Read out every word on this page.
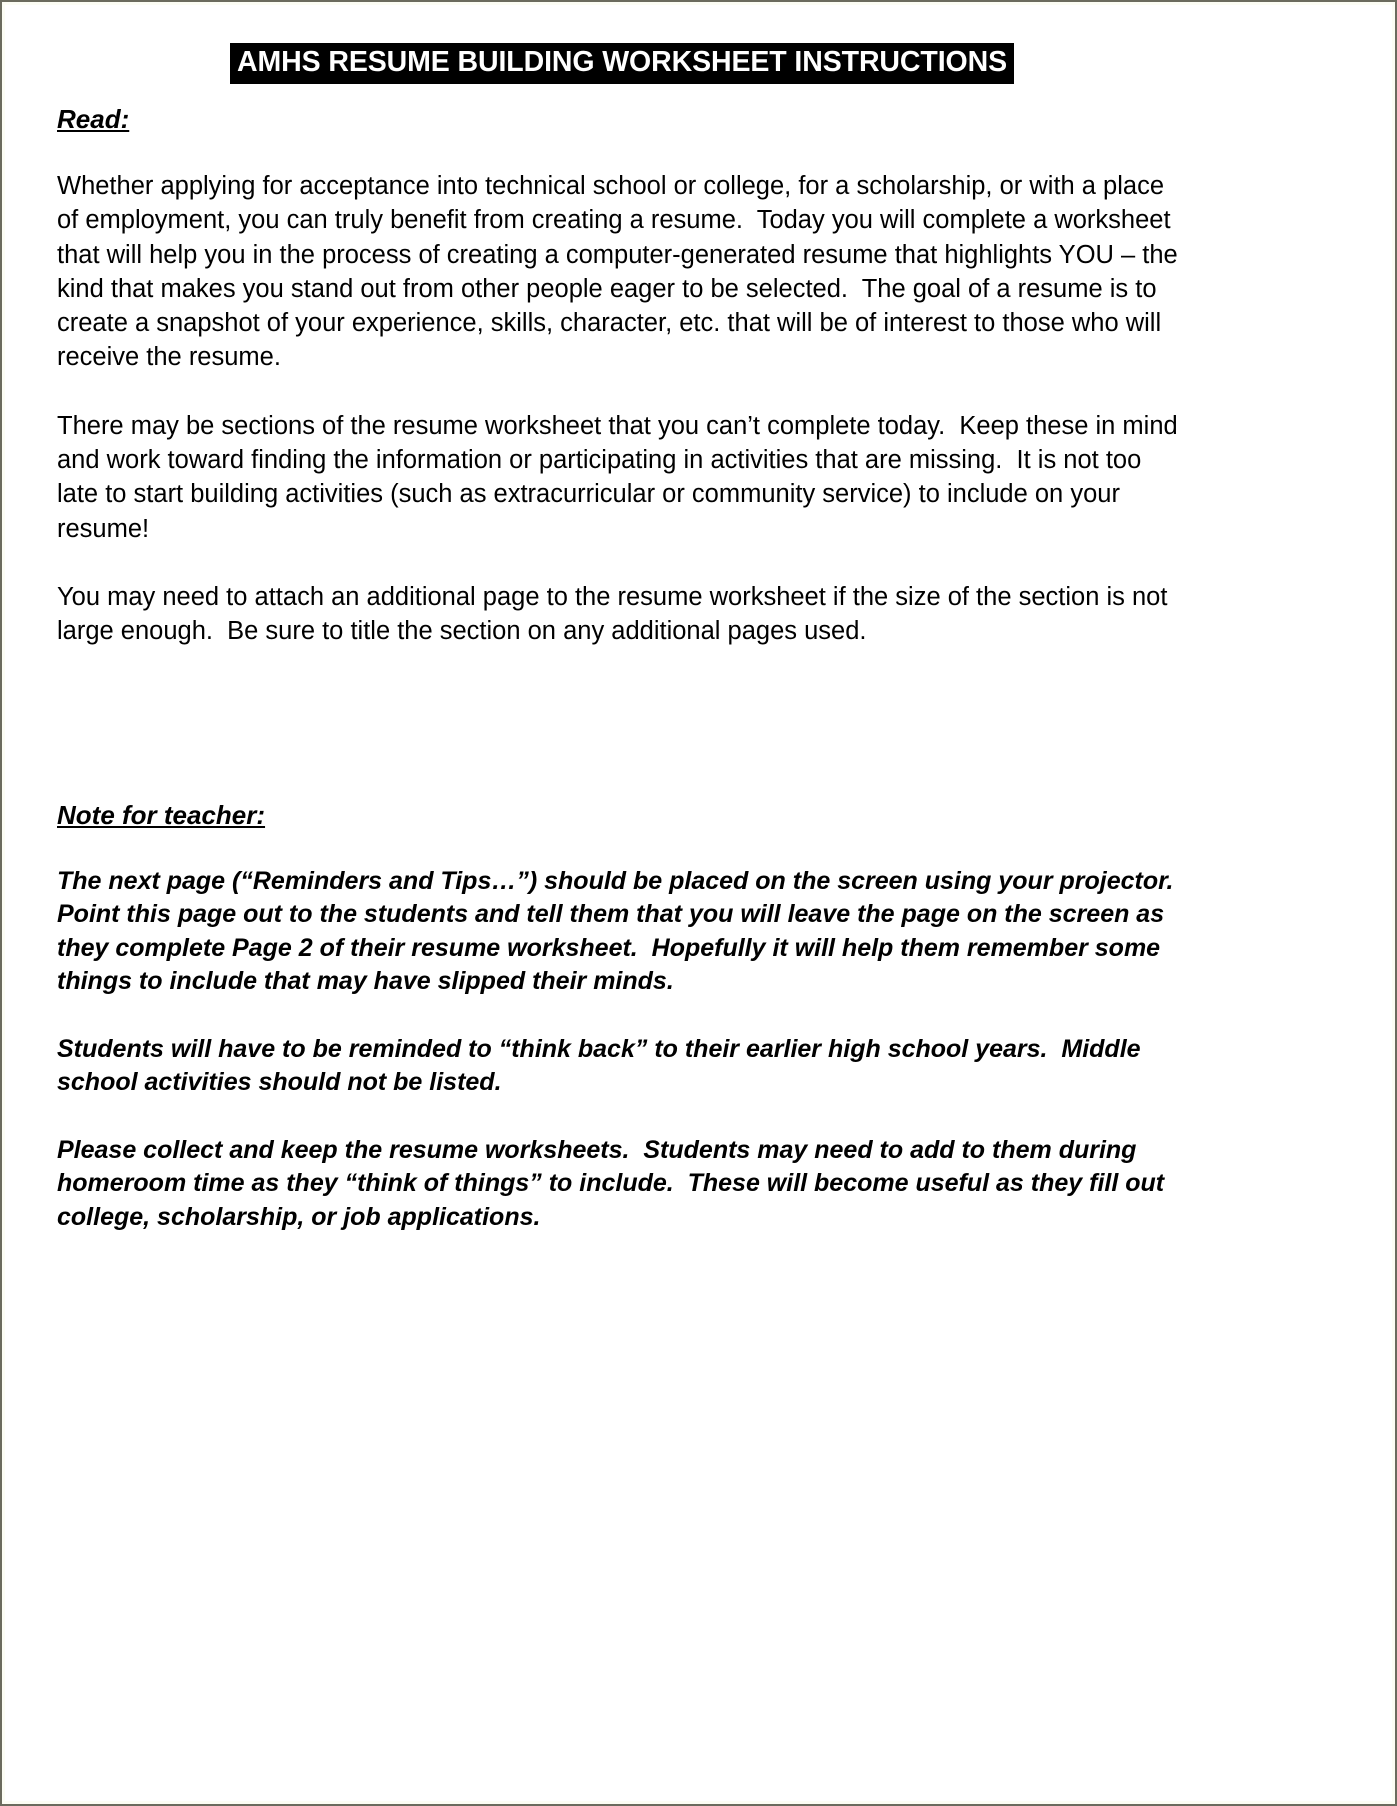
AMHS RESUME BUILDING WORKSHEET INSTRUCTIONS
Read:

Whether applying for acceptance into technical school or college, for a scholarship, or with a place of employment, you can truly benefit from creating a resume.  Today you will complete a worksheet that will help you in the process of creating a computer-generated resume that highlights YOU – the kind that makes you stand out from other people eager to be selected.  The goal of a resume is to create a snapshot of your experience, skills, character, etc. that will be of interest to those who will receive the resume.

There may be sections of the resume worksheet that you can’t complete today.  Keep these in mind and work toward finding the information or participating in activities that are missing.  It is not too late to start building activities (such as extracurricular or community service) to include on your resume!

You may need to attach an additional page to the resume worksheet if the size of the section is not large enough.  Be sure to title the section on any additional pages used.

Note for teacher:

The next page (“Reminders and Tips…”) should be placed on the screen using your projector.  Point this page out to the students and tell them that you will leave the page on the screen as they complete Page 2 of their resume worksheet.  Hopefully it will help them remember some things to include that may have slipped their minds.

Students will have to be reminded to “think back” to their earlier high school years.  Middle school activities should not be listed.

Please collect and keep the resume worksheets.  Students may need to add to them during homeroom time as they “think of things” to include.  These will become useful as they fill out college, scholarship, or job applications.
